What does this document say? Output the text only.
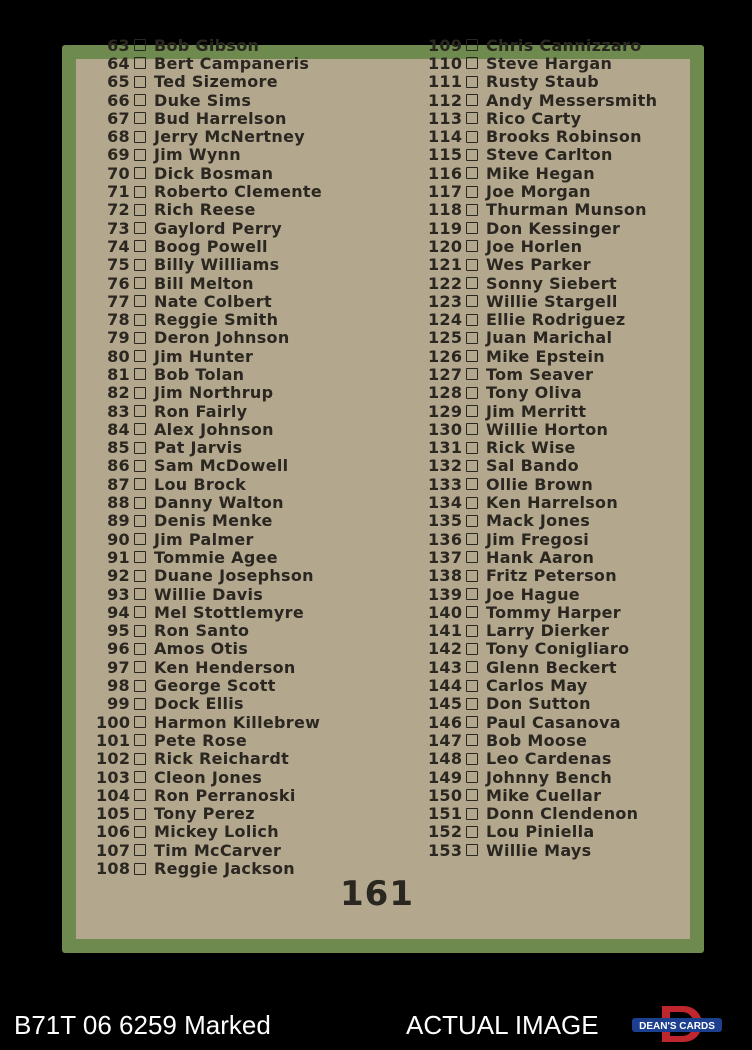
63 Bob Gibson
64 Bert Campaneris
65 Ted Sizemore
66 Duke Sims
67 Bud Harrelson
68 Jerry McNertney
69 Jim Wynn
70 Dick Bosman
71 Roberto Clemente
72 Rich Reese
73 Gaylord Perry
74 Boog Powell
75 Billy Williams
76 Bill Melton
77 Nate Colbert
78 Reggie Smith
79 Deron Johnson
80 Jim Hunter
81 Bob Tolan
82 Jim Northrup
83 Ron Fairly
84 Alex Johnson
85 Pat Jarvis
86 Sam McDowell
87 Lou Brock
88 Danny Walton
89 Denis Menke
90 Jim Palmer
91 Tommie Agee
92 Duane Josephson
93 Willie Davis
94 Mel Stottlemyre
95 Ron Santo
96 Amos Otis
97 Ken Henderson
98 George Scott
99 Dock Ellis
100 Harmon Killebrew
101 Pete Rose
102 Rick Reichardt
103 Cleon Jones
104 Ron Perranoski
105 Tony Perez
106 Mickey Lolich
107 Tim McCarver
108 Reggie Jackson
109 Chris Cannizzaro
110 Steve Hargan
111 Rusty Staub
112 Andy Messersmith
113 Rico Carty
114 Brooks Robinson
115 Steve Carlton
116 Mike Hegan
117 Joe Morgan
118 Thurman Munson
119 Don Kessinger
120 Joe Horlen
121 Wes Parker
122 Sonny Siebert
123 Willie Stargell
124 Ellie Rodriguez
125 Juan Marichal
126 Mike Epstein
127 Tom Seaver
128 Tony Oliva
129 Jim Merritt
130 Willie Horton
131 Rick Wise
132 Sal Bando
133 Ollie Brown
134 Ken Harrelson
135 Mack Jones
136 Jim Fregosi
137 Hank Aaron
138 Fritz Peterson
139 Joe Hague
140 Tommy Harper
141 Larry Dierker
142 Tony Conigliaro
143 Glenn Beckert
144 Carlos May
145 Don Sutton
146 Paul Casanova
147 Bob Moose
148 Leo Cardenas
149 Johnny Bench
150 Mike Cuellar
151 Donn Clendenon
152 Lou Piniella
153 Willie Mays
161
B71T 06 6259 Marked	ACTUAL IMAGE	DEAN'S CARDS
